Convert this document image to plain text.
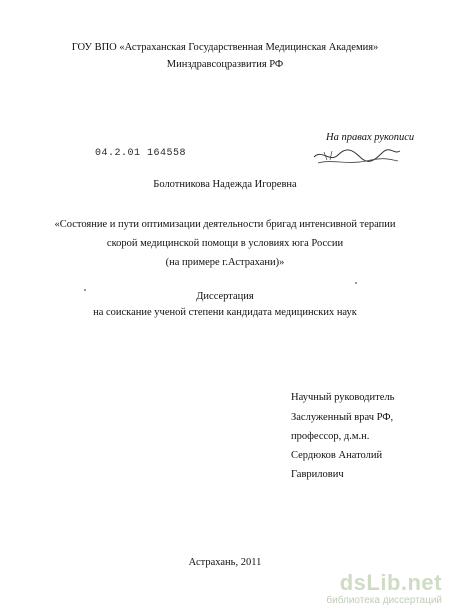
ГОУ ВПО «Астраханская Государственная Медицинская Академия»
Минздравсоцразвития РФ
На правах рукописи
04.2.01 164558
Болотникова Надежда Игоревна
«Состояние и пути оптимизации деятельности бригад интенсивной терапии
скорой медицинской помощи в условиях юга России
(на примере г.Астрахани)»
Диссертация
на соискание ученой степени кандидата медицинских наук
Научный руководитель
Заслуженный врач РФ,
профессор, д.м.н.
Сердюков Анатолий
Гаврилович
Астрахань, 2011
dsLib.net
библиотека диссертаций
